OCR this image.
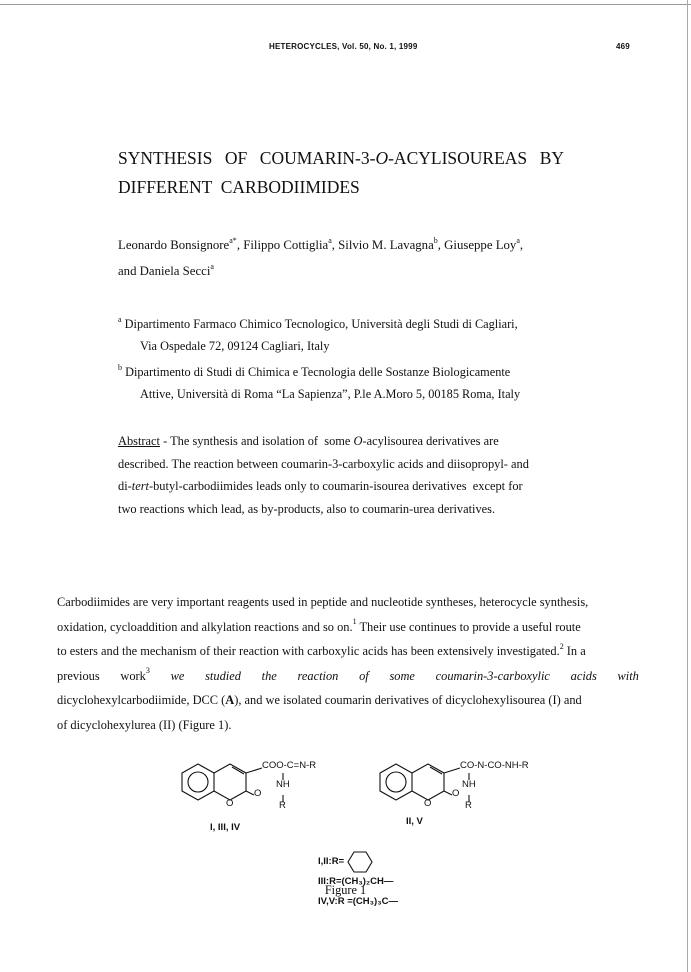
HETEROCYCLES, Vol. 50, No. 1, 1999	469
SYNTHESIS OF COUMARIN-3-O-ACYLISOUREAS BY
DIFFERENT  CARBODIIMIDES
Leonardo Bonsignore$^{a*}$, Filippo Cottiglia$^a$, Silvio M. Lavagna$^b$, Giuseppe Loy$^a$,
and Daniela Secci$^a$
$^a$ Dipartimento Farmaco Chimico Tecnologico, Università degli Studi di Cagliari,
Via Ospedale 72, 09124 Cagliari, Italy
$^b$ Dipartimento di Studi di Chimica e Tecnologia delle Sostanze Biologicamente
Attive, Università di Roma “La Sapienza”, P.le A.Moro 5, 00185 Roma, Italy
Abstract - The synthesis and isolation of  some O-acylisourea derivatives are
described. The reaction between coumarin-3-carboxylic acids and diisopropyl- and
di-tert-butyl-carbodiimides leads only to coumarin-isourea derivatives  except for
two reactions which lead, as by-products, also to coumarin-urea derivatives.
Carbodiimides are very important reagents used in peptide and nucleotide syntheses, heterocycle synthesis,
oxidation, cycloaddition and alkylation reactions and so on.$^1$ Their use continues to provide a useful route
to esters and the mechanism of their reaction with carboxylic acids has been extensively investigated.$^2$ In a
previous work$^3$ we studied the reaction of some coumarin-3-carboxylic acids with
dicyclohexylcarbodiimide, DCC (A), and we isolated coumarin derivatives of dicyclohexylisourea (I) and
of dicyclohexylurea (II) (Figure 1).
COO-C=N-R
NH
R
O
O
CO-N-CO-NH-R
NH
R
O
O
I, III, IV
II, V
I,II:R=
III:R=(CH₃)₂CH—
IV,V:R =(CH₃)₃C—
Figure 1
